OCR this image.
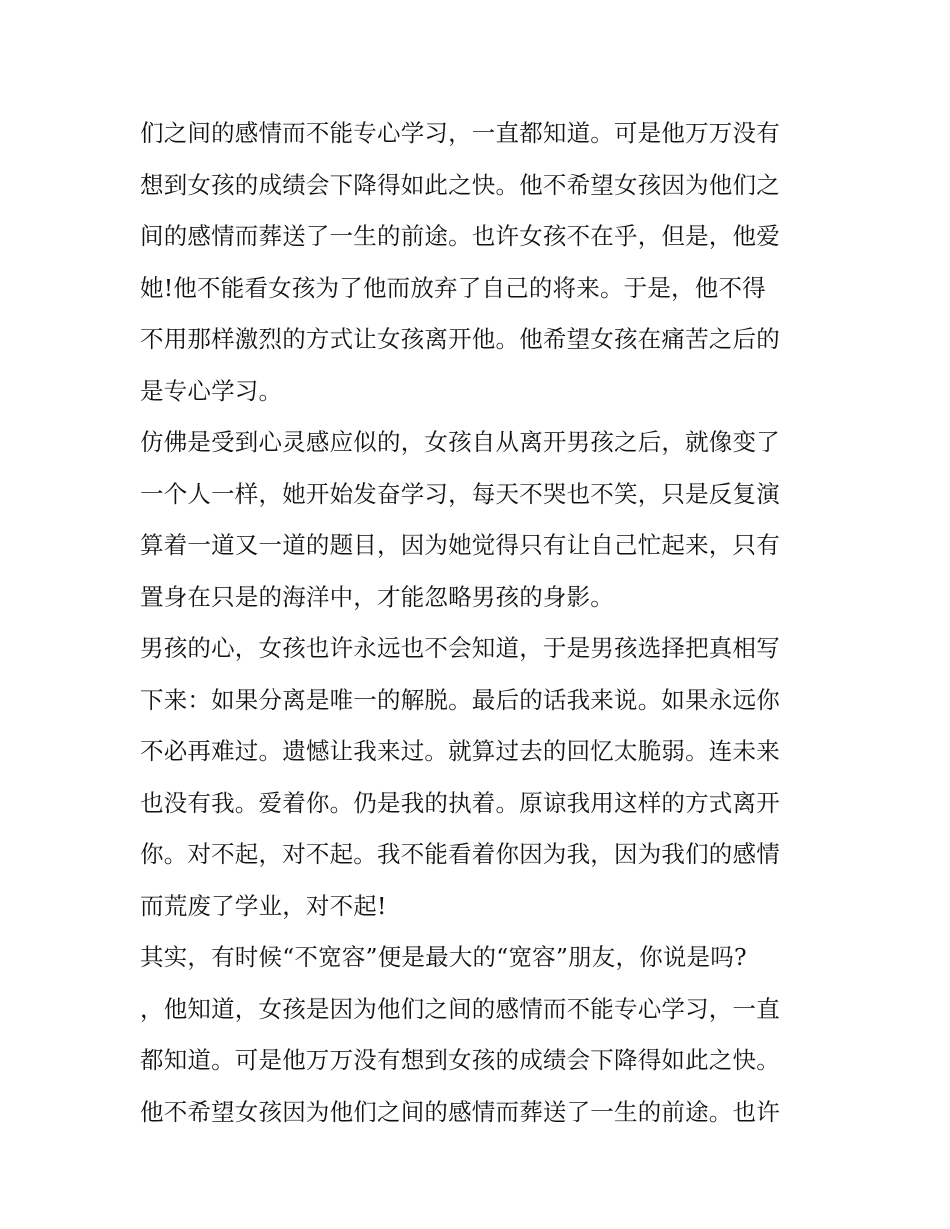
们之间的感情而不能专心学习，一直都知道。可是他万万没有
想到女孩的成绩会下降得如此之快。他不希望女孩因为他们之
间的感情而葬送了一生的前途。也许女孩不在乎，但是，他爱
她!他不能看女孩为了他而放弃了自己的将来。于是，他不得
不用那样激烈的方式让女孩离开他。他希望女孩在痛苦之后的
是专心学习。
仿佛是受到心灵感应似的，女孩自从离开男孩之后，就像变了
一个人一样，她开始发奋学习，每天不哭也不笑，只是反复演
算着一道又一道的题目，因为她觉得只有让自己忙起来，只有
置身在只是的海洋中，才能忽略男孩的身影。
男孩的心，女孩也许永远也不会知道，于是男孩选择把真相写
下来：如果分离是唯一的解脱。最后的话我来说。如果永远你
不必再难过。遗憾让我来过。就算过去的回忆太脆弱。连未来
也没有我。爱着你。仍是我的执着。原谅我用这样的方式离开
你。对不起，对不起。我不能看着你因为我，因为我们的感情
而荒废了学业，对不起!
其实，有时候“不宽容”便是最大的“宽容”朋友，你说是吗?
，他知道，女孩是因为他们之间的感情而不能专心学习，一直
都知道。可是他万万没有想到女孩的成绩会下降得如此之快。
他不希望女孩因为他们之间的感情而葬送了一生的前途。也许
